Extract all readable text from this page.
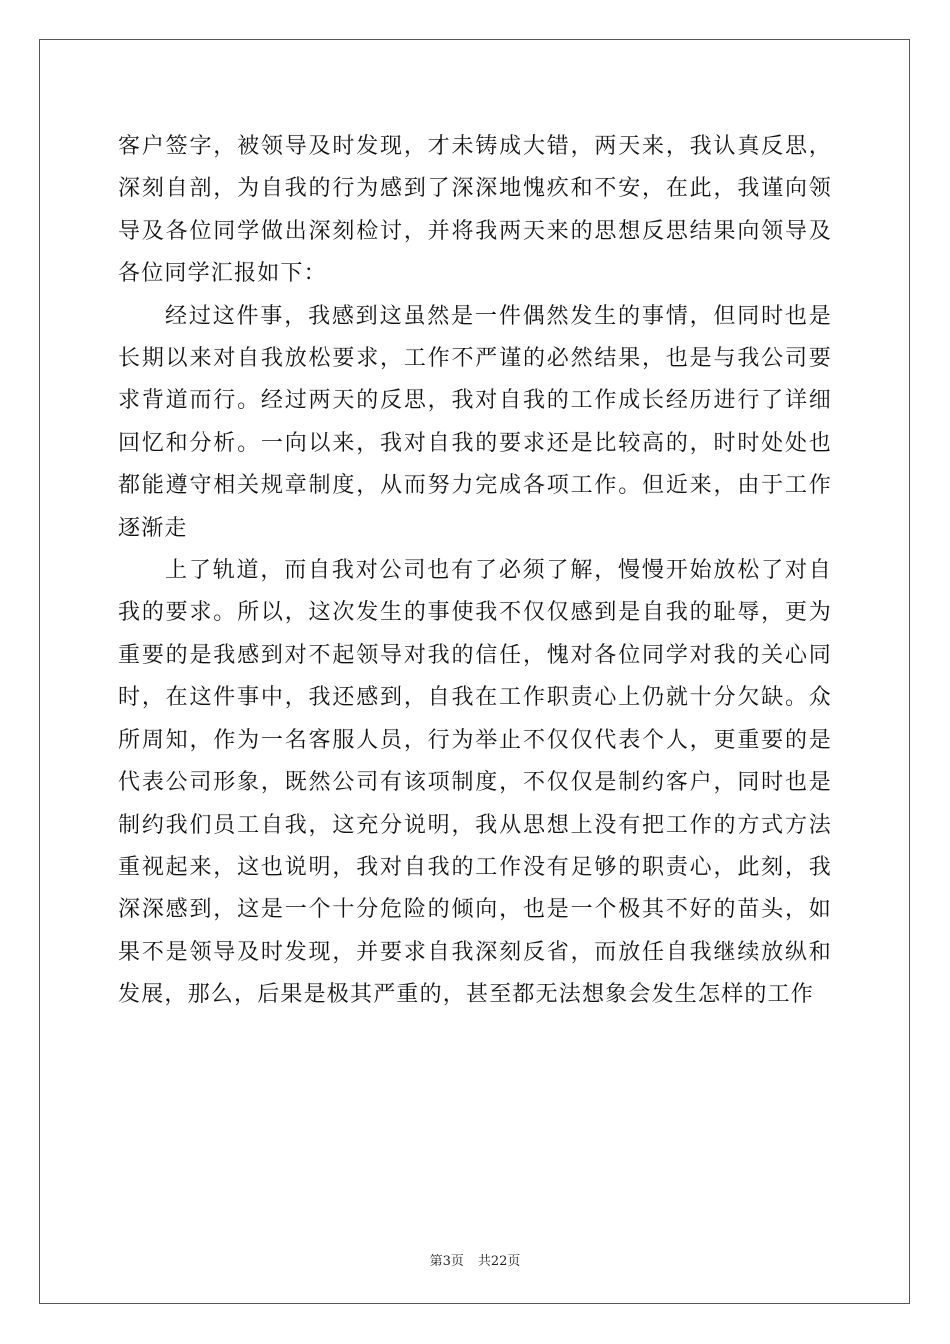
客户签字，被领导及时发现，才未铸成大错，两天来，我认真反思，深刻自剖，为自我的行为感到了深深地愧疚和不安，在此，我谨向领导及各位同学做出深刻检讨，并将我两天来的思想反思结果向领导及各位同学汇报如下：

经过这件事，我感到这虽然是一件偶然发生的事情，但同时也是长期以来对自我放松要求，工作不严谨的必然结果，也是与我公司要求背道而行。经过两天的反思，我对自我的工作成长经历进行了详细回忆和分析。一向以来，我对自我的要求还是比较高的，时时处处也都能遵守相关规章制度，从而努力完成各项工作。但近来，由于工作逐渐走

上了轨道，而自我对公司也有了必须了解，慢慢开始放松了对自我的要求。所以，这次发生的事使我不仅仅感到是自我的耻辱，更为重要的是我感到对不起领导对我的信任，愧对各位同学对我的关心同时，在这件事中，我还感到，自我在工作职责心上仍就十分欠缺。众所周知，作为一名客服人员，行为举止不仅仅代表个人，更重要的是代表公司形象，既然公司有该项制度，不仅仅是制约客户，同时也是制约我们员工自我，这充分说明，我从思想上没有把工作的方式方法重视起来，这也说明，我对自我的工作没有足够的职责心，此刻，我深深感到，这是一个十分危险的倾向，也是一个极其不好的苗头，如果不是领导及时发现，并要求自我深刻反省，而放任自我继续放纵和发展，那么，后果是极其严重的，甚至都无法想象会发生怎样的工作

第3页 共22页
